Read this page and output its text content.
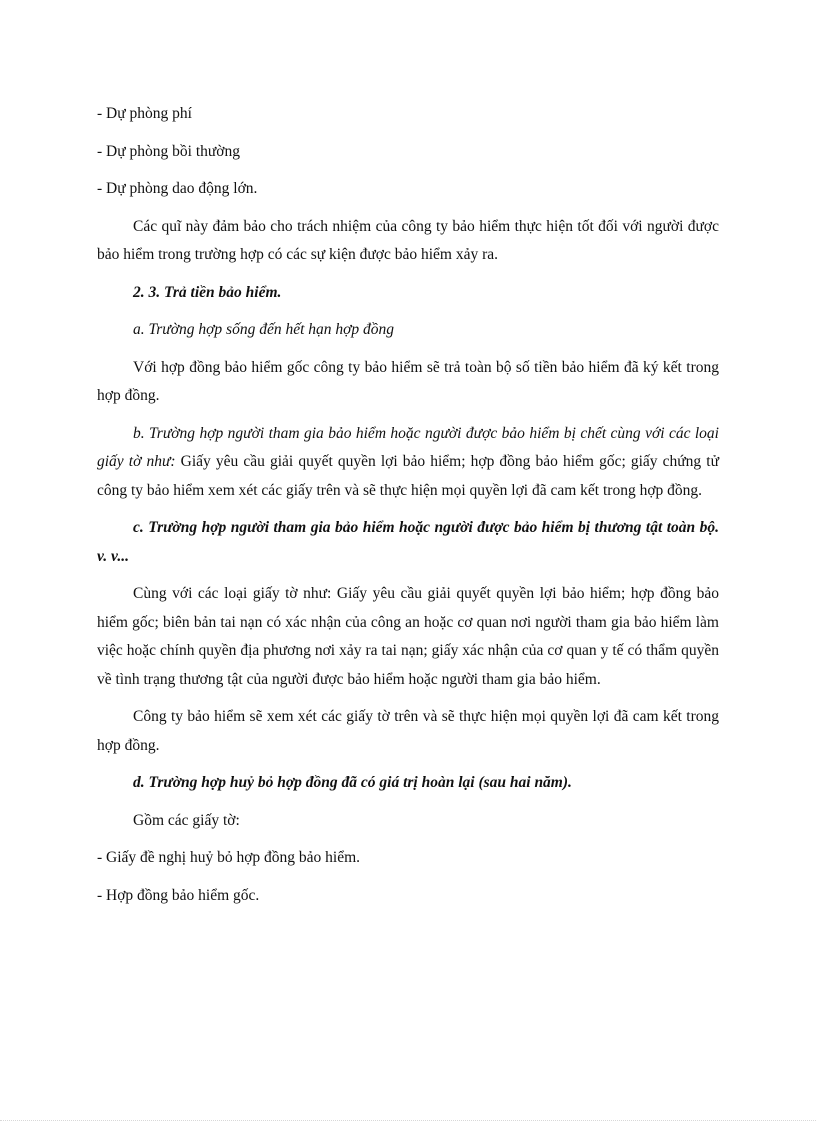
- Dự phòng phí

- Dự phòng bồi thường

- Dự phòng dao động lớn.

Các quĩ này đảm bảo cho trách nhiệm của công ty bảo hiểm thực hiện tốt đối với người được bảo hiểm trong trường hợp có các sự kiện được bảo hiểm xảy ra.

2. 3. Trả tiền bảo hiểm.

a. Trường hợp sống đến hết hạn hợp đồng

Với hợp đồng bảo hiểm gốc công ty bảo hiểm sẽ trả toàn bộ số tiền bảo hiểm đã ký kết trong hợp đồng.

b. Trường hợp người tham gia bảo hiểm hoặc người được bảo hiểm bị chết cùng với các loại giấy tờ như: Giấy yêu cầu giải quyết quyền lợi bảo hiểm; hợp đồng bảo hiểm gốc; giấy chứng tử công ty bảo hiểm xem xét các giấy trên và sẽ thực hiện mọi quyền lợi đã cam kết trong hợp đồng.

c. Trường hợp người tham gia bảo hiểm hoặc người được bảo hiểm bị thương tật toàn bộ. v. v...

Cùng với các loại giấy tờ như: Giấy yêu cầu giải quyết quyền lợi bảo hiểm; hợp đồng bảo hiểm gốc; biên bản tai nạn có xác nhận của công an hoặc cơ quan nơi người tham gia bảo hiểm làm việc hoặc chính quyền địa phương nơi xảy ra tai nạn; giấy xác nhận của cơ quan y tế có thẩm quyền về tình trạng thương tật của người được bảo hiểm hoặc người tham gia bảo hiểm.

Công ty bảo hiểm sẽ xem xét các giấy tờ trên và sẽ thực hiện mọi quyền lợi đã cam kết trong hợp đồng.

d. Trường hợp huỷ bỏ hợp đồng đã có giá trị hoàn lại (sau hai năm).

Gồm các giấy tờ:

- Giấy đề nghị huỷ bỏ hợp đồng bảo hiểm.

- Hợp đồng bảo hiểm gốc.
